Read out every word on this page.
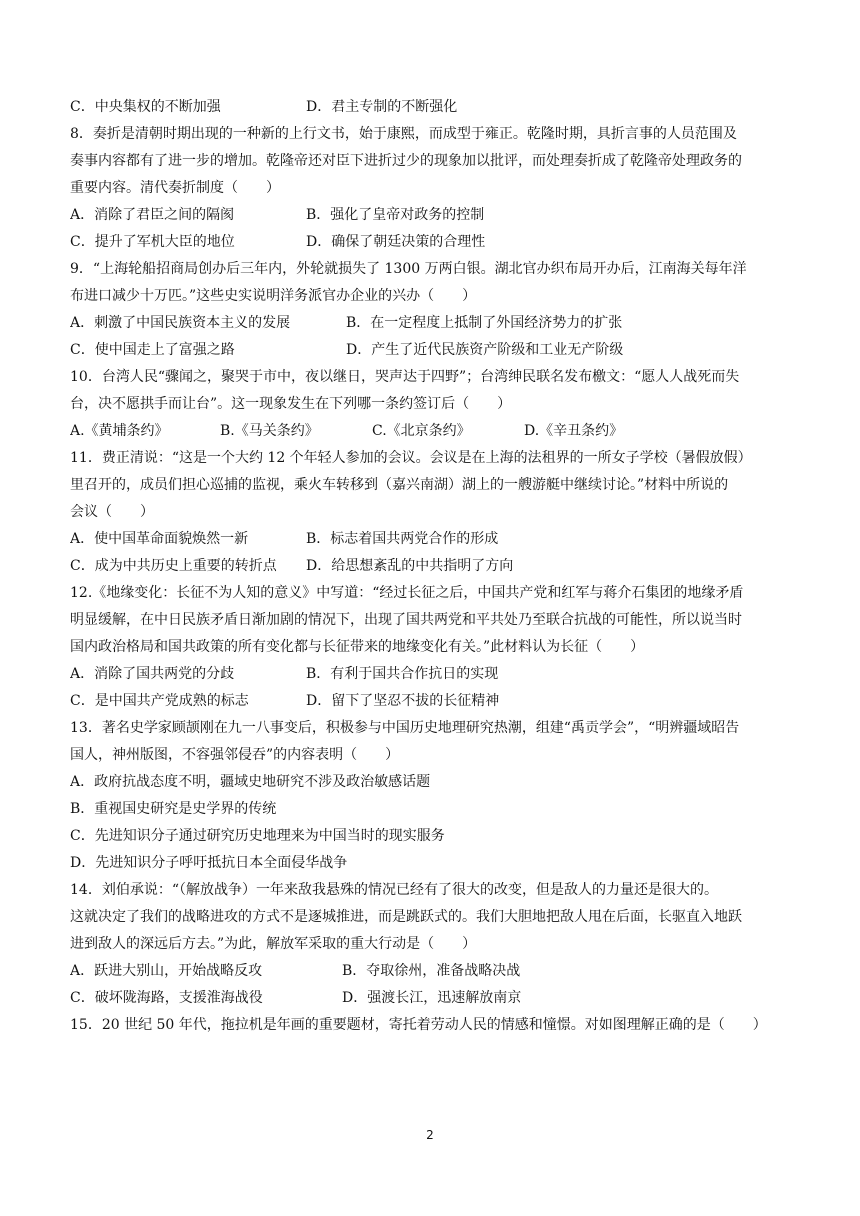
C．中央集权的不断加强	D．君主专制的不断强化
8．奏折是清朝时期出现的一种新的上行文书，始于康熙，而成型于雍正。乾隆时期，具折言事的人员范围及
奏事内容都有了进一步的增加。乾隆帝还对臣下进折过少的现象加以批评，而处理奏折成了乾隆帝处理政务的
重要内容。清代奏折制度（　　）
A．消除了君臣之间的隔阂	B．强化了皇帝对政务的控制
C．提升了军机大臣的地位	D．确保了朝廷决策的合理性
9．“上海轮船招商局创办后三年内，外轮就损失了 1300 万两白银。湖北官办织布局开办后，江南海关每年洋
布进口减少十万匹。”这些史实说明洋务派官办企业的兴办（　　）
A．刺激了中国民族资本主义的发展	B．在一定程度上抵制了外国经济势力的扩张
C．使中国走上了富强之路	D．产生了近代民族资产阶级和工业无产阶级
10．台湾人民“骤闻之，聚哭于市中，夜以继日，哭声达于四野”；台湾绅民联名发布檄文：“愿人人战死而失
台，决不愿拱手而让台”。这一现象发生在下列哪一条约签订后（　　）
A.《黄埔条约》	B.《马关条约》	C.《北京条约》	D.《辛丑条约》
11．费正清说：“这是一个大约 12 个年轻人参加的会议。会议是在上海的法租界的一所女子学校（暑假放假）
里召开的，成员们担心巡捕的监视，乘火车转移到（嘉兴南湖）湖上的一艘游艇中继续讨论。”材料中所说的
会议（　　）
A．使中国革命面貌焕然一新	B．标志着国共两党合作的形成
C．成为中共历史上重要的转折点	D．给思想紊乱的中共指明了方向
12.《地缘变化：长征不为人知的意义》中写道：“经过长征之后，中国共产党和红军与蒋介石集团的地缘矛盾
明显缓解，在中日民族矛盾日渐加剧的情况下，出现了国共两党和平共处乃至联合抗战的可能性，所以说当时
国内政治格局和国共政策的所有变化都与长征带来的地缘变化有关。”此材料认为长征（　　）
A．消除了国共两党的分歧	B．有利于国共合作抗日的实现
C．是中国共产党成熟的标志	D．留下了坚忍不拔的长征精神
13．著名史学家顾颉刚在九一八事变后，积极参与中国历史地理研究热潮，组建“禹贡学会”，“明辨疆域昭告
国人，神州版图，不容强邻侵吞”的内容表明（　　）
A．政府抗战态度不明，疆域史地研究不涉及政治敏感话题
B．重视国史研究是史学界的传统
C．先进知识分子通过研究历史地理来为中国当时的现实服务
D．先进知识分子呼吁抵抗日本全面侵华战争
14．刘伯承说：“（解放战争）一年来敌我悬殊的情况已经有了很大的改变，但是敌人的力量还是很大的。
这就决定了我们的战略进攻的方式不是逐城推进，而是跳跃式的。我们大胆地把敌人甩在后面，长驱直入地跃
进到敌人的深远后方去。”为此，解放军采取的重大行动是（　　）
A．跃进大别山，开始战略反攻	B．夺取徐州，准备战略决战
C．破坏陇海路，支援淮海战役	D．强渡长江，迅速解放南京
15．20 世纪 50 年代，拖拉机是年画的重要题材，寄托着劳动人民的情感和憧憬。对如图理解正确的是（　　）
2
